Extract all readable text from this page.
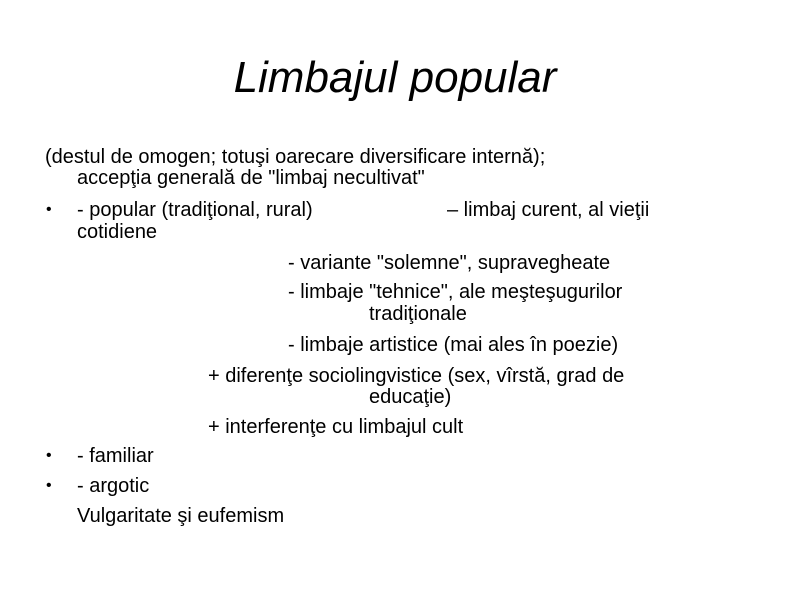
Limbajul popular
(destul de omogen; totuşi oarecare diversificare internă);
accepţia generală de "limbaj necultivat"
• - popular (tradiţional, rural)	– limbaj curent, al vieţii
cotidiene
- variante "solemne", supravegheate
- limbaje "tehnice", ale meşteşugurilor
tradiţionale
- limbaje artistice (mai ales în poezie)
+ diferenţe sociolingvistice (sex, vîrstă, grad de
educaţie)
+ interferenţe cu limbajul cult
• - familiar
• - argotic
Vulgaritate şi eufemism
